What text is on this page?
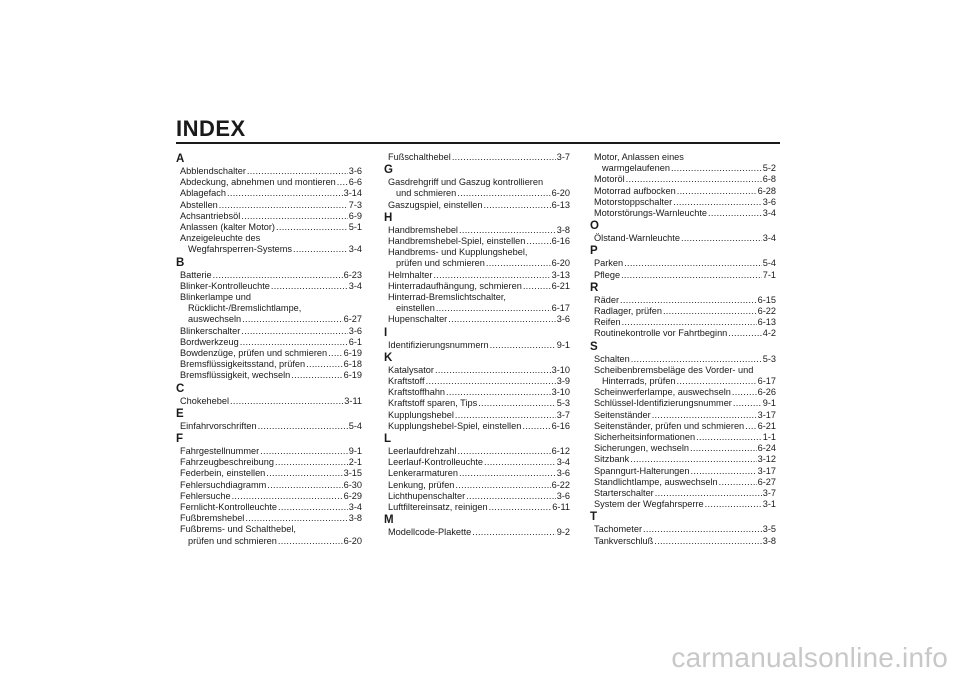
INDEX
A
Abblendschalter .....	3-6
Abdeckung, abnehmen und montieren ..... 6-6
Ablagefach .....	3-14
Abstellen .....	7-3
Achsantriebsöl .....	6-9
Anlassen (kalter Motor) .....	5-1
Anzeigeleuchte des
Wegfahrsperren-Systems .....	3-4
B
Batterie .....	6-23
Blinker-Kontrolleuchte .....	3-4
Blinkerlampe und
Rücklicht-/Bremslichtlampe,
auswechseln .....	6-27
Blinkerschalter .....	3-6
Bordwerkzeug .....	6-1
Bowdenzüge, prüfen und schmieren ..... 6-19
Bremsflüssigkeitsstand, prüfen .....	6-18
Bremsflüssigkeit, wechseln .....	6-19
C
Chokehebel .....	3-11
E
Einfahrvorschriften .....	5-4
F
Fahrgestellnummer .....	9-1
Fahrzeugbeschreibung .....	2-1
Federbein, einstellen .....	3-15
Fehlersuchdiagramm .....	6-30
Fehlersuche .....	6-29
Fernlicht-Kontrolleuchte .....	3-4
Fußbremshebel .....	3-8
Fußbrems- und Schalthebel,
prüfen und schmieren .....	6-20
Fußschalthebel .....	3-7
G
Gasdrehgriff und Gaszug kontrollieren
und schmieren .....	6-20
Gaszugspiel, einstellen .....	6-13
H
Handbremshebel .....	3-8
Handbremshebel-Spiel, einstellen .....	6-16
Handbrems- und Kupplungshebel,
prüfen und schmieren .....	6-20
Helmhalter .....	3-13
Hinterradaufhängung, schmieren .....	6-21
Hinterrad-Bremslichtschalter,
einstellen .....	6-17
Hupenschalter .....	3-6
I
Identifizierungsnummern .....	9-1
K
Katalysator .....	3-10
Kraftstoff .....	3-9
Kraftstoffhahn .....	3-10
Kraftstoff sparen, Tips .....	5-3
Kupplungshebel .....	3-7
Kupplungshebel-Spiel, einstellen .....	6-16
L
Leerlaufdrehzahl .....	6-12
Leerlauf-Kontrolleuchte .....	3-4
Lenkerarmaturen .....	3-6
Lenkung, prüfen .....	6-22
Lichthupenschalter .....	3-6
Luftfiltereinsatz, reinigen .....	6-11
M
Modellcode-Plakette .....	9-2
Motor, Anlassen eines
warmgelaufenen .....	5-2
Motoröl .....	6-8
Motorrad aufbocken .....	6-28
Motorstoppschalter .....	3-6
Motorstörungs-Warnleuchte .....	3-4
O
Ölstand-Warnleuchte .....	3-4
P
Parken .....	5-4
Pflege .....	7-1
R
Räder .....	6-15
Radlager, prüfen .....	6-22
Reifen .....	6-13
Routinekontrolle vor Fahrtbeginn .....	4-2
S
Schalten .....	5-3
Scheibenbremsbeläge des Vorder- und
Hinterrads, prüfen .....	6-17
Scheinwerferlampe, auswechseln .....	6-26
Schlüssel-Identifizierungsnummer .....	9-1
Seitenständer .....	3-17
Seitenständer, prüfen und schmieren ..... 6-21
Sicherheitsinformationen .....	1-1
Sicherungen, wechseln .....	6-24
Sitzbank .....	3-12
Spanngurt-Halterungen .....	3-17
Standlichtlampe, auswechseln .....	6-27
Starterschalter .....	3-7
System der Wegfahrsperre .....	3-1
T
Tachometer .....	3-5
Tankverschluß .....	3-8
carmanualsonline.info
